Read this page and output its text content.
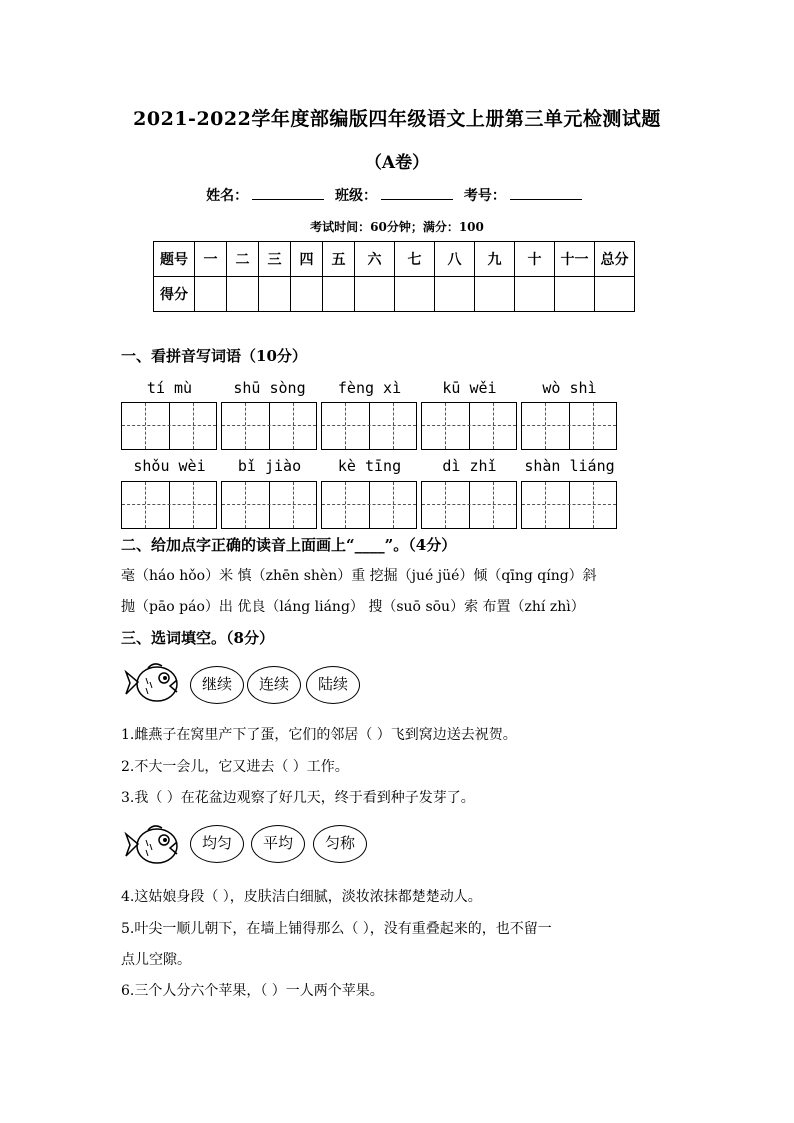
2021-2022学年度部编版四年级语文上册第三单元检测试题
（A卷）
姓名：	班级：	考号：
考试时间：60分钟；满分：100
题号	一	二	三	四	五	六	七	八	九	十	十一	总分
得分												
一、看拼音写词语（10分）
tí mù	shū sòng	fèng xì	kū wěi	wò shì
shǒu wèi	bǐ jiào	kè tīng	dì zhǐ	shàn liáng
二、给加点字正确的读音上面画上“____”。（4分）
毫（háo hǒo）米 慎（zhēn shèn）重 挖掘（jué jüé）倾（qīng qíng）斜
抛（pāo páo）出 优良（láng liáng） 搜（suō sōu）索 布置（zhí zhì）
三、选词填空。（8分）
继续	连续	陆续
1.雌燕子在窝里产下了蛋，它们的邻居（ ）飞到窝边送去祝贺。
2.不大一会儿，它又进去（ ）工作。
3.我（ ）在花盆边观察了好几天，终于看到种子发芽了。
均匀	平均	匀称
4.这姑娘身段（ ），皮肤洁白细腻，淡妆浓抹都楚楚动人。
5.叶尖一顺儿朝下，在墙上铺得那么（ ），没有重叠起来的，也不留一
点儿空隙。
6.三个人分六个苹果，（ ）一人两个苹果。
